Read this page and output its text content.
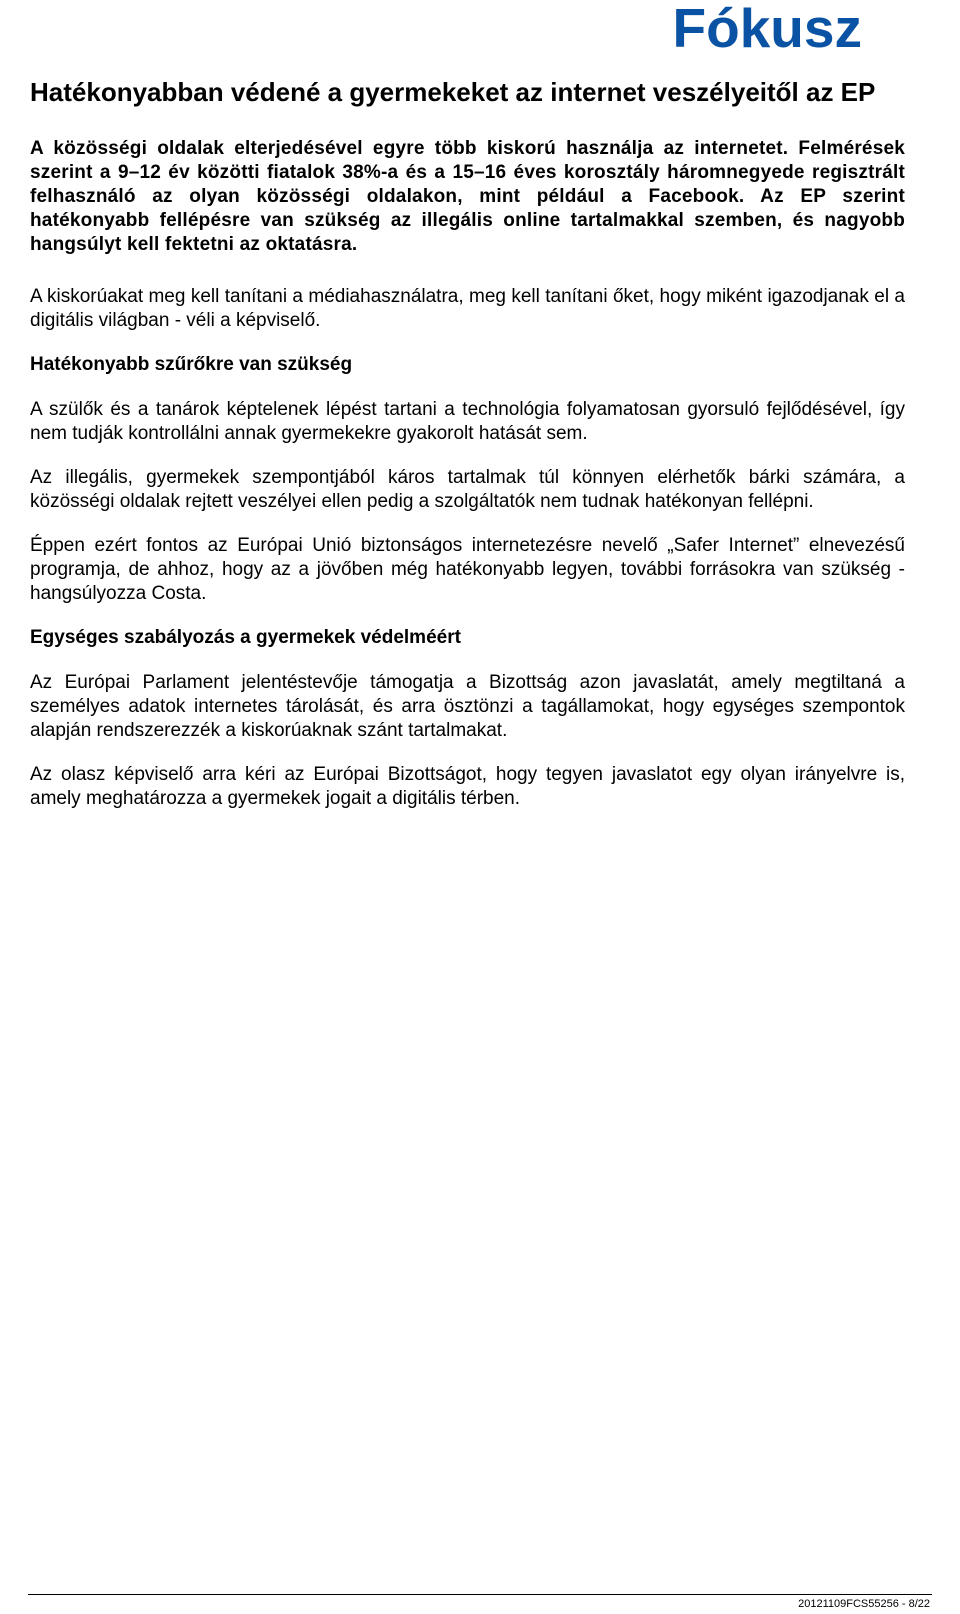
Fókusz
Hatékonyabban védené a gyermekeket az internet veszélyeitől az EP

A közösségi oldalak elterjedésével egyre több kiskorú használja az internetet. Felmérések szerint a 9–12 év közötti fiatalok 38%-a és a 15–16 éves korosztály háromnegyede regisztrált felhasználó az olyan közösségi oldalakon, mint például a Facebook. Az EP szerint hatékonyabb fellépésre van szükség az illegális online tartalmakkal szemben, és nagyobb hangsúlyt kell fektetni az oktatásra.

A kiskorúakat meg kell tanítani a médiahasználatra, meg kell tanítani őket, hogy miként igazodjanak el a digitális világban - véli a képviselő.

Hatékonyabb szűrőkre van szükség

A szülők és a tanárok képtelenek lépést tartani a technológia folyamatosan gyorsuló fejlődésével, így nem tudják kontrollálni annak gyermekekre gyakorolt hatását sem.

Az illegális, gyermekek szempontjából káros tartalmak túl könnyen elérhetők bárki számára, a közösségi oldalak rejtett veszélyei ellen pedig a szolgáltatók nem tudnak hatékonyan fellépni.

Éppen ezért fontos az Európai Unió biztonságos internetezésre nevelő „Safer Internet” elnevezésű programja, de ahhoz, hogy az a jövőben még hatékonyabb legyen, további forrásokra van szükség - hangsúlyozza Costa.

Egységes szabályozás a gyermekek védelméért

Az Európai Parlament jelentéstevője támogatja a Bizottság azon javaslatát, amely megtiltaná a személyes adatok internetes tárolását, és arra ösztönzi a tagállamokat, hogy egységes szempontok alapján rendszerezzék a kiskorúaknak szánt tartalmakat.

Az olasz képviselő arra kéri az Európai Bizottságot, hogy tegyen javaslatot egy olyan irányelvre is, amely meghatározza a gyermekek jogait a digitális térben.

20121109FCS55256 - 8/22
